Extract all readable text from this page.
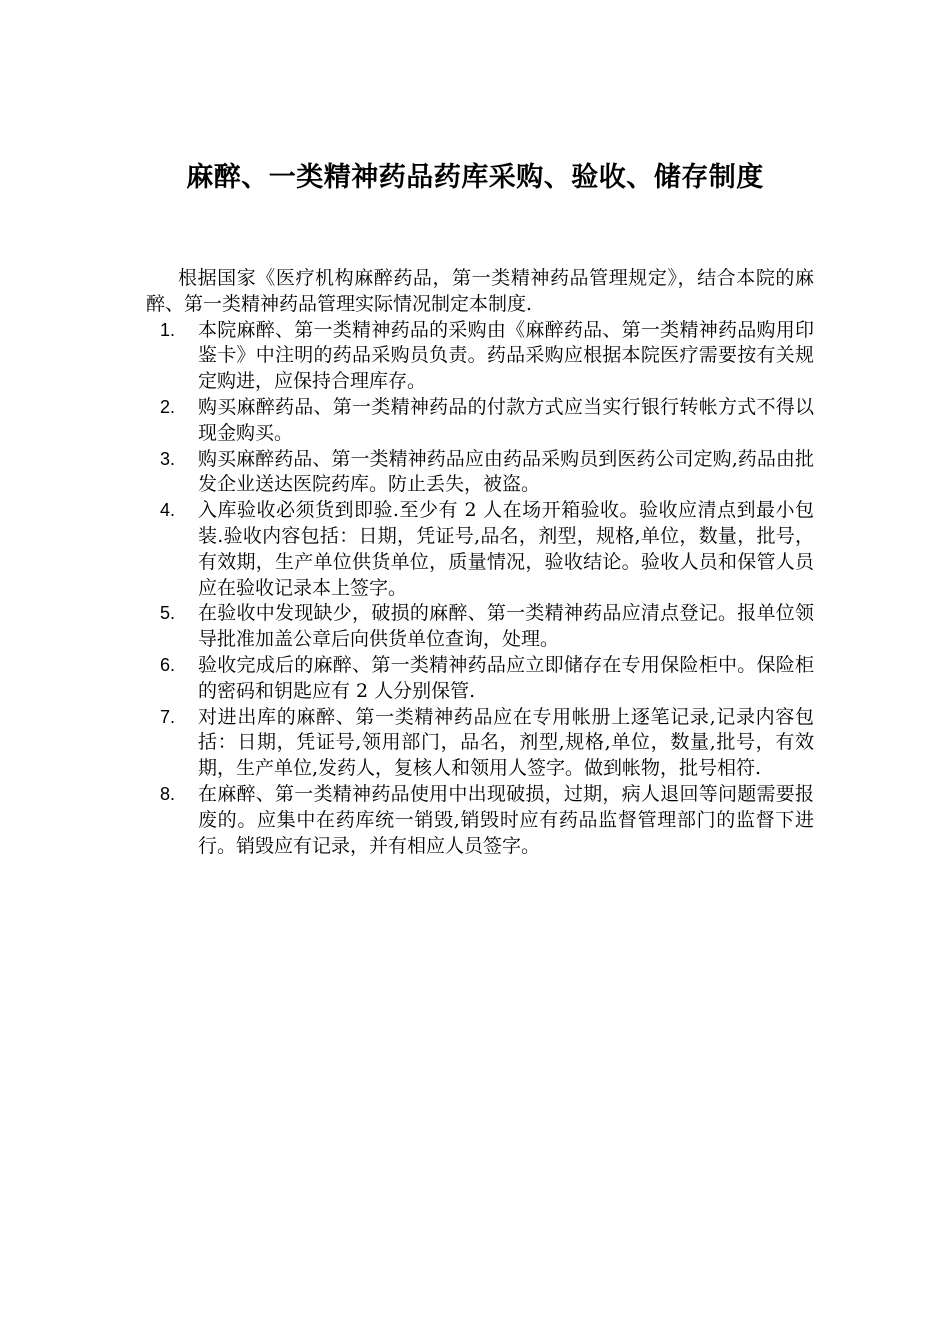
麻醉、一类精神药品药库采购、验收、储存制度

根据国家《医疗机构麻醉药品，第一类精神药品管理规定》，结合本院的麻醉、第一类精神药品管理实际情况制定本制度.

1.	本院麻醉、第一类精神药品的采购由《麻醉药品、第一类精神药品购用印鉴卡》中注明的药品采购员负责。药品采购应根据本院医疗需要按有关规定购进，应保持合理库存。
2.	购买麻醉药品、第一类精神药品的付款方式应当实行银行转帐方式不得以现金购买。
3.	购买麻醉药品、第一类精神药品应由药品采购员到医药公司定购,药品由批发企业送达医院药库。防止丢失，被盗。
4.	入库验收必须货到即验.至少有 2 人在场开箱验收。验收应清点到最小包装.验收内容包括：日期，凭证号,品名，剂型，规格,单位，数量，批号，有效期，生产单位供货单位，质量情况，验收结论。验收人员和保管人员应在验收记录本上签字。
5.	在验收中发现缺少，破损的麻醉、第一类精神药品应清点登记。报单位领导批准加盖公章后向供货单位查询，处理。
6.	验收完成后的麻醉、第一类精神药品应立即储存在专用保险柜中。保险柜的密码和钥匙应有 2 人分别保管.
7.	对进出库的麻醉、第一类精神药品应在专用帐册上逐笔记录,记录内容包括：日期，凭证号,领用部门，品名，剂型,规格,单位，数量,批号，有效期，生产单位,发药人，复核人和领用人签字。做到帐物，批号相符.
8.	在麻醉、第一类精神药品使用中出现破损，过期，病人退回等问题需要报废的。应集中在药库统一销毁,销毁时应有药品监督管理部门的监督下进行。销毁应有记录，并有相应人员签字。
